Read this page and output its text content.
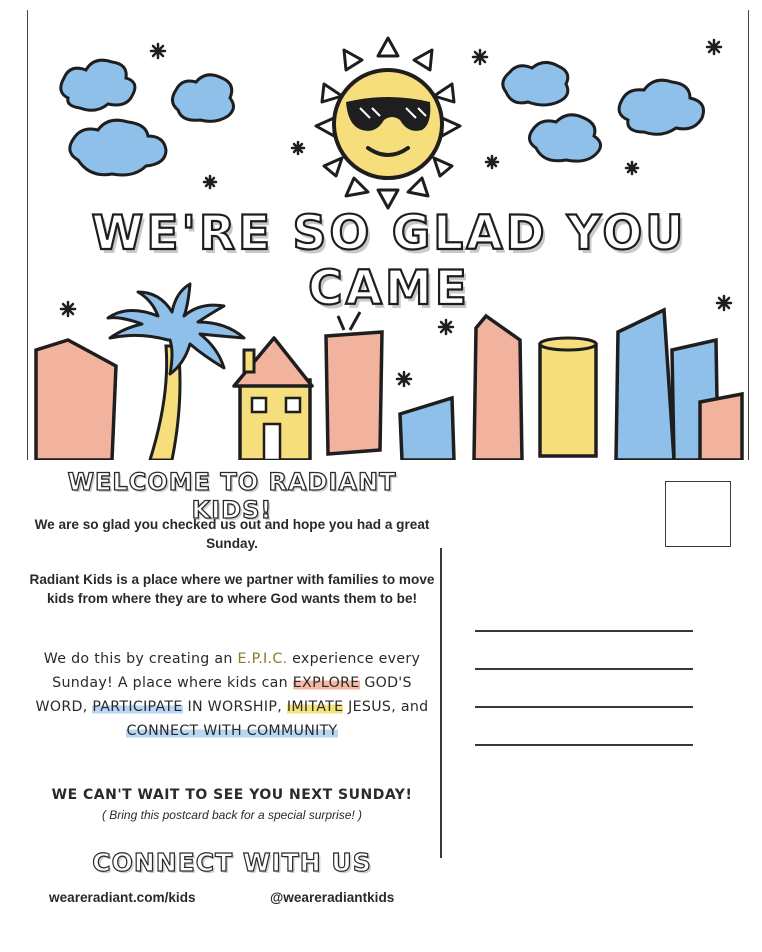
WE'RE SO GLAD YOU CAME
WELCOME TO RADIANT KIDS!
We are so glad you checked us out and hope you had a great Sunday.
Radiant Kids is a place where we partner with families to move kids from where they are to where God wants them to be!
We do this by creating an E.P.I.C. experience every Sunday! A place where kids can EXPLORE GOD'S WORD, PARTICIPATE IN WORSHIP, IMITATE JESUS, and CONNECT WITH COMMUNITY
WE CAN'T WAIT TO SEE YOU NEXT SUNDAY!
( Bring this postcard back for a special surprise! )
CONNECT WITH US
weareradiant.com/kids	@weareradiantkids
